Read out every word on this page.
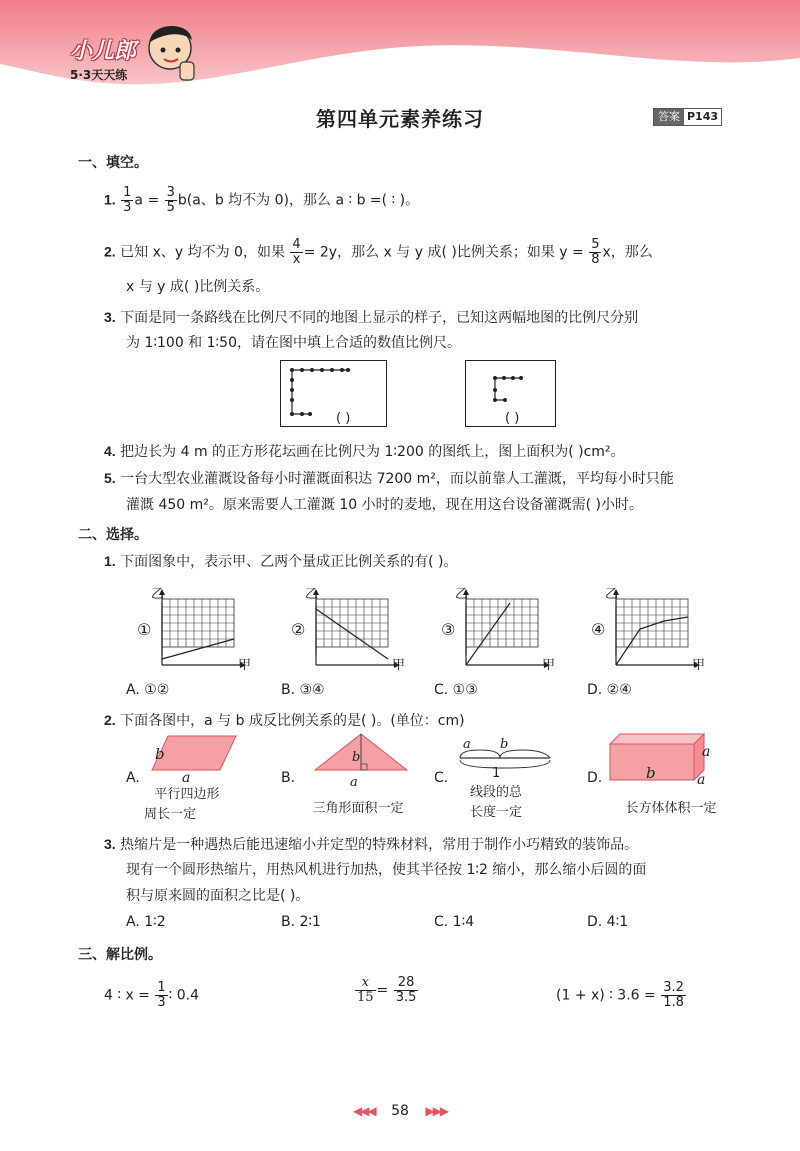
小儿郎
5·3天天练
第四单元素养练习	答案 P143
一、填空。
1. $\frac{1}{3}$ $a = \frac{3}{5} b(a$、b 均不为 0)，那么 a ∶ b =( ∶ )。
2. 已知 x、y 均不为 0，如果 $\frac{4}{x} = 2y$，那么 x 与 y 成( )比例关系；如果 $y = \frac{5}{8}$ x，那么
x 与 y 成( )比例关系。
3. 下面是同一条路线在比例尺不同的地图上显示的样子，已知这两幅地图的比例尺分别
为 1∶100 和 1∶50，请在图中填上合适的数值比例尺。
( )	( )
4. 把边长为 4 m 的正方形花坛画在比例尺为 1∶200 的图纸上，图上面积为( )cm²。
5. 一台大型农业灌溉设备每小时灌溉面积达 7200 m²，而以前靠人工灌溉，平均每小时只能
灌溉 450 m²。原来需要人工灌溉 10 小时的麦地，现在用这台设备灌溉需( )小时。
二、选择。
1. 下面图象中，表示甲、乙两个量成正比例关系的有( )。
乙
甲
①
乙
甲
②
乙
甲
③
乙
甲
④
A. ①②	B. ③④	C. ①③	D. ②④
2. 下面各图中，a 与 b 成反比例关系的是( )。(单位：cm)
A.
b
a
平行四边形
周长一定
B.
b
a
三角形面积一定
C.
a b
1
线段的总
长度一定
D.
a
a
b
长方体体积一定
3. 热缩片是一种遇热后能迅速缩小并定型的特殊材料，常用于制作小巧精致的装饰品。
现有一个圆形热缩片，用热风机进行加热，使其半径按 1∶2 缩小，那么缩小后圆的面
积与原来圆的面积之比是( )。
A. 1∶2	B. 2∶1	C. 1∶4	D. 4∶1
三、解比例。
4 ∶ $x = \frac{1}{3}$ ∶ 0.4	$\frac{x}{15} = \frac{28}{3.5}$	(1 + x) ∶ $3.6 = \frac{3.2}{1.8}$
◀◀◀ 58 ▶▶▶
